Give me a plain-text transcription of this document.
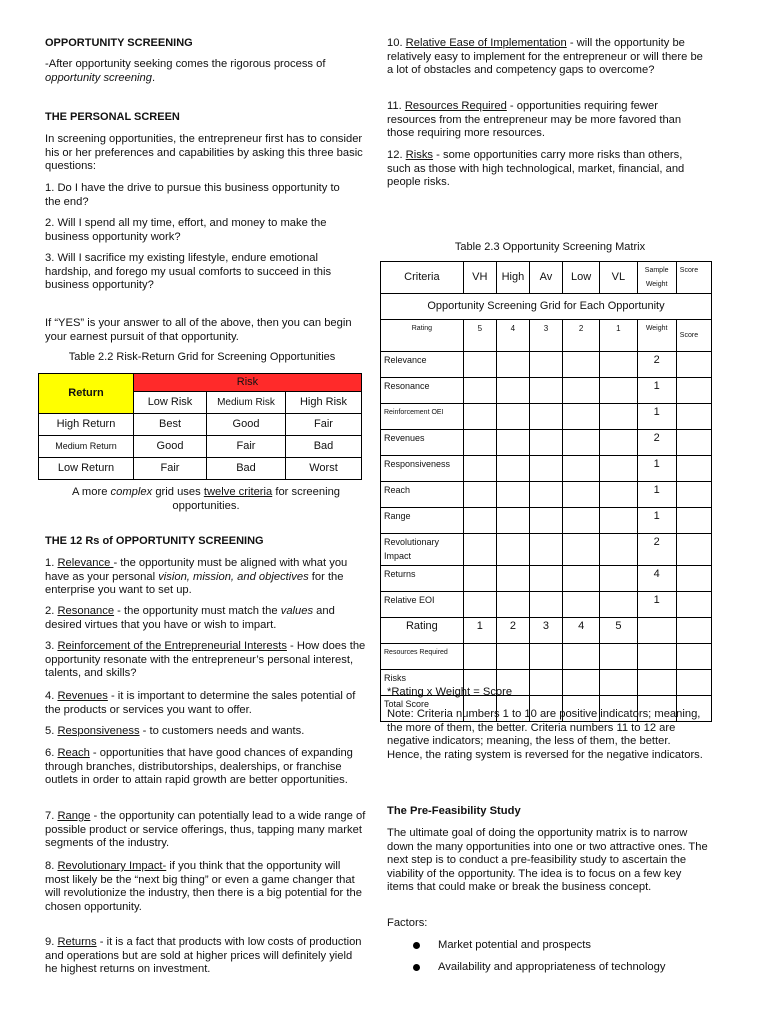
OPPORTUNITY SCREENING

-After opportunity seeking comes the rigorous process of opportunity screening.

THE PERSONAL SCREEN

In screening opportunities, the entrepreneur first has to consider his or her preferences and capabilities by asking this three basic questions:

1. Do I have the drive to pursue this business opportunity to the end?

2. Will I spend all my time, effort, and money to make the business opportunity work?

3. Will I sacrifice my existing lifestyle, endure emotional hardship, and forego my usual comforts to succeed in this business opportunity?

If “YES” is your answer to all of the above, then you can begin your earnest pursuit of that opportunity.

Table 2.2 Risk-Return Grid for Screening Opportunities
Return	Risk		
	Low Risk	Medium Risk	High Risk
High Return	Best	Good	Fair
Medium Return	Good	Fair	Bad
Low Return	Fair	Bad	Worst

A more complex grid uses twelve criteria for screening opportunities.

THE 12 Rs of OPPORTUNITY SCREENING

1. Relevance - the opportunity must be aligned with what you have as your personal vision, mission, and objectives for the enterprise you want to set up.

2. Resonance - the opportunity must match the values and desired virtues that you have or wish to impart.

3. Reinforcement of the Entrepreneurial Interests - How does the opportunity resonate with the entrepreneur’s personal interest, talents, and skills?

4. Revenues - it is important to determine the sales potential of the products or services you want to offer.

5. Responsiveness - to customers needs and wants.

6. Reach - opportunities that have good chances of expanding through branches, distributorships, dealerships, or franchise outlets in order to attain rapid growth are better opportunities.

7. Range - the opportunity can potentially lead to a wide range of possible product or service offerings, thus, tapping many market segments of the industry.

8. Revolutionary Impact- if you think that the opportunity will most likely be the “next big thing” or even a game changer that will revolutionize the industry, then there is a big potential for the chosen opportunity.

9. Returns - it is a fact that products with low costs of production and operations but are sold at higher prices will definitely yield he highest returns on investment.

10. Relative Ease of Implementation - will the opportunity be relatively easy to implement for the entrepreneur or will there be a lot of obstacles and competency gaps to overcome?

11. Resources Required - opportunities requiring fewer resources from the entrepreneur may be more favored than those requiring more resources.

12. Risks - some opportunities carry more risks than others, such as those with high technological, market, financial, and people risks.

Table 2.3 Opportunity Screening Matrix
Criteria	VH	High	Av	Low	VL	Sample Weight	Score
Opportunity Screening Grid for Each Opportunity							
Rating	5	4	3	2	1	Weight	Score
Relevance						2	
Resonance						1	
Reinforcement OEI						1	
Revenues						2	
Responsiveness						1	
Reach						1	
Range						1	
Revolutionary Impact						2	
Returns						4	
Relative EOI						1	
Rating	1	2	3	4	5		
Resources Required							
Risks							
Total Score							
*Rating x Weight = Score

Note: Criteria numbers 1 to 10 are positive indicators; meaning, the more of them, the better. Criteria numbers 11 to 12 are negative indicators; meaning, the less of them, the better. Hence, the rating system is reversed for the negative indicators.

The Pre-Feasibility Study

The ultimate goal of doing the opportunity matrix is to narrow down the many opportunities into one or two attractive ones. The next step is to conduct a pre-feasibility study to ascertain the viability of the opportunity. The idea is to focus on a few key items that could make or break the business concept.

Factors:
Market potential and prospects
Availability and appropriateness of technology
